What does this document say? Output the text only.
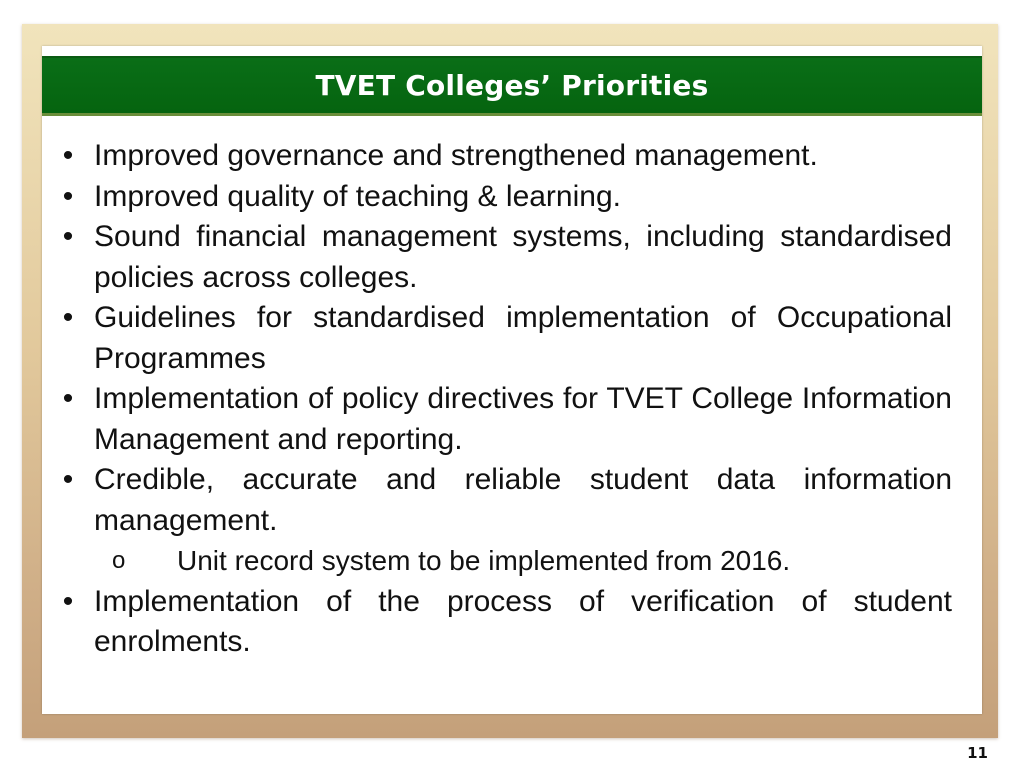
TVET Colleges’ Priorities
• Improved governance and strengthened management.
• Improved quality of teaching & learning.
• Sound financial management systems, including standardised policies across colleges.
• Guidelines for standardised implementation of Occupational Programmes
• Implementation of policy directives for TVET College Information Management and reporting.
• Credible, accurate and reliable student data information management.
o Unit record system to be implemented from 2016.
• Implementation of the process of verification of student enrolments.
11
